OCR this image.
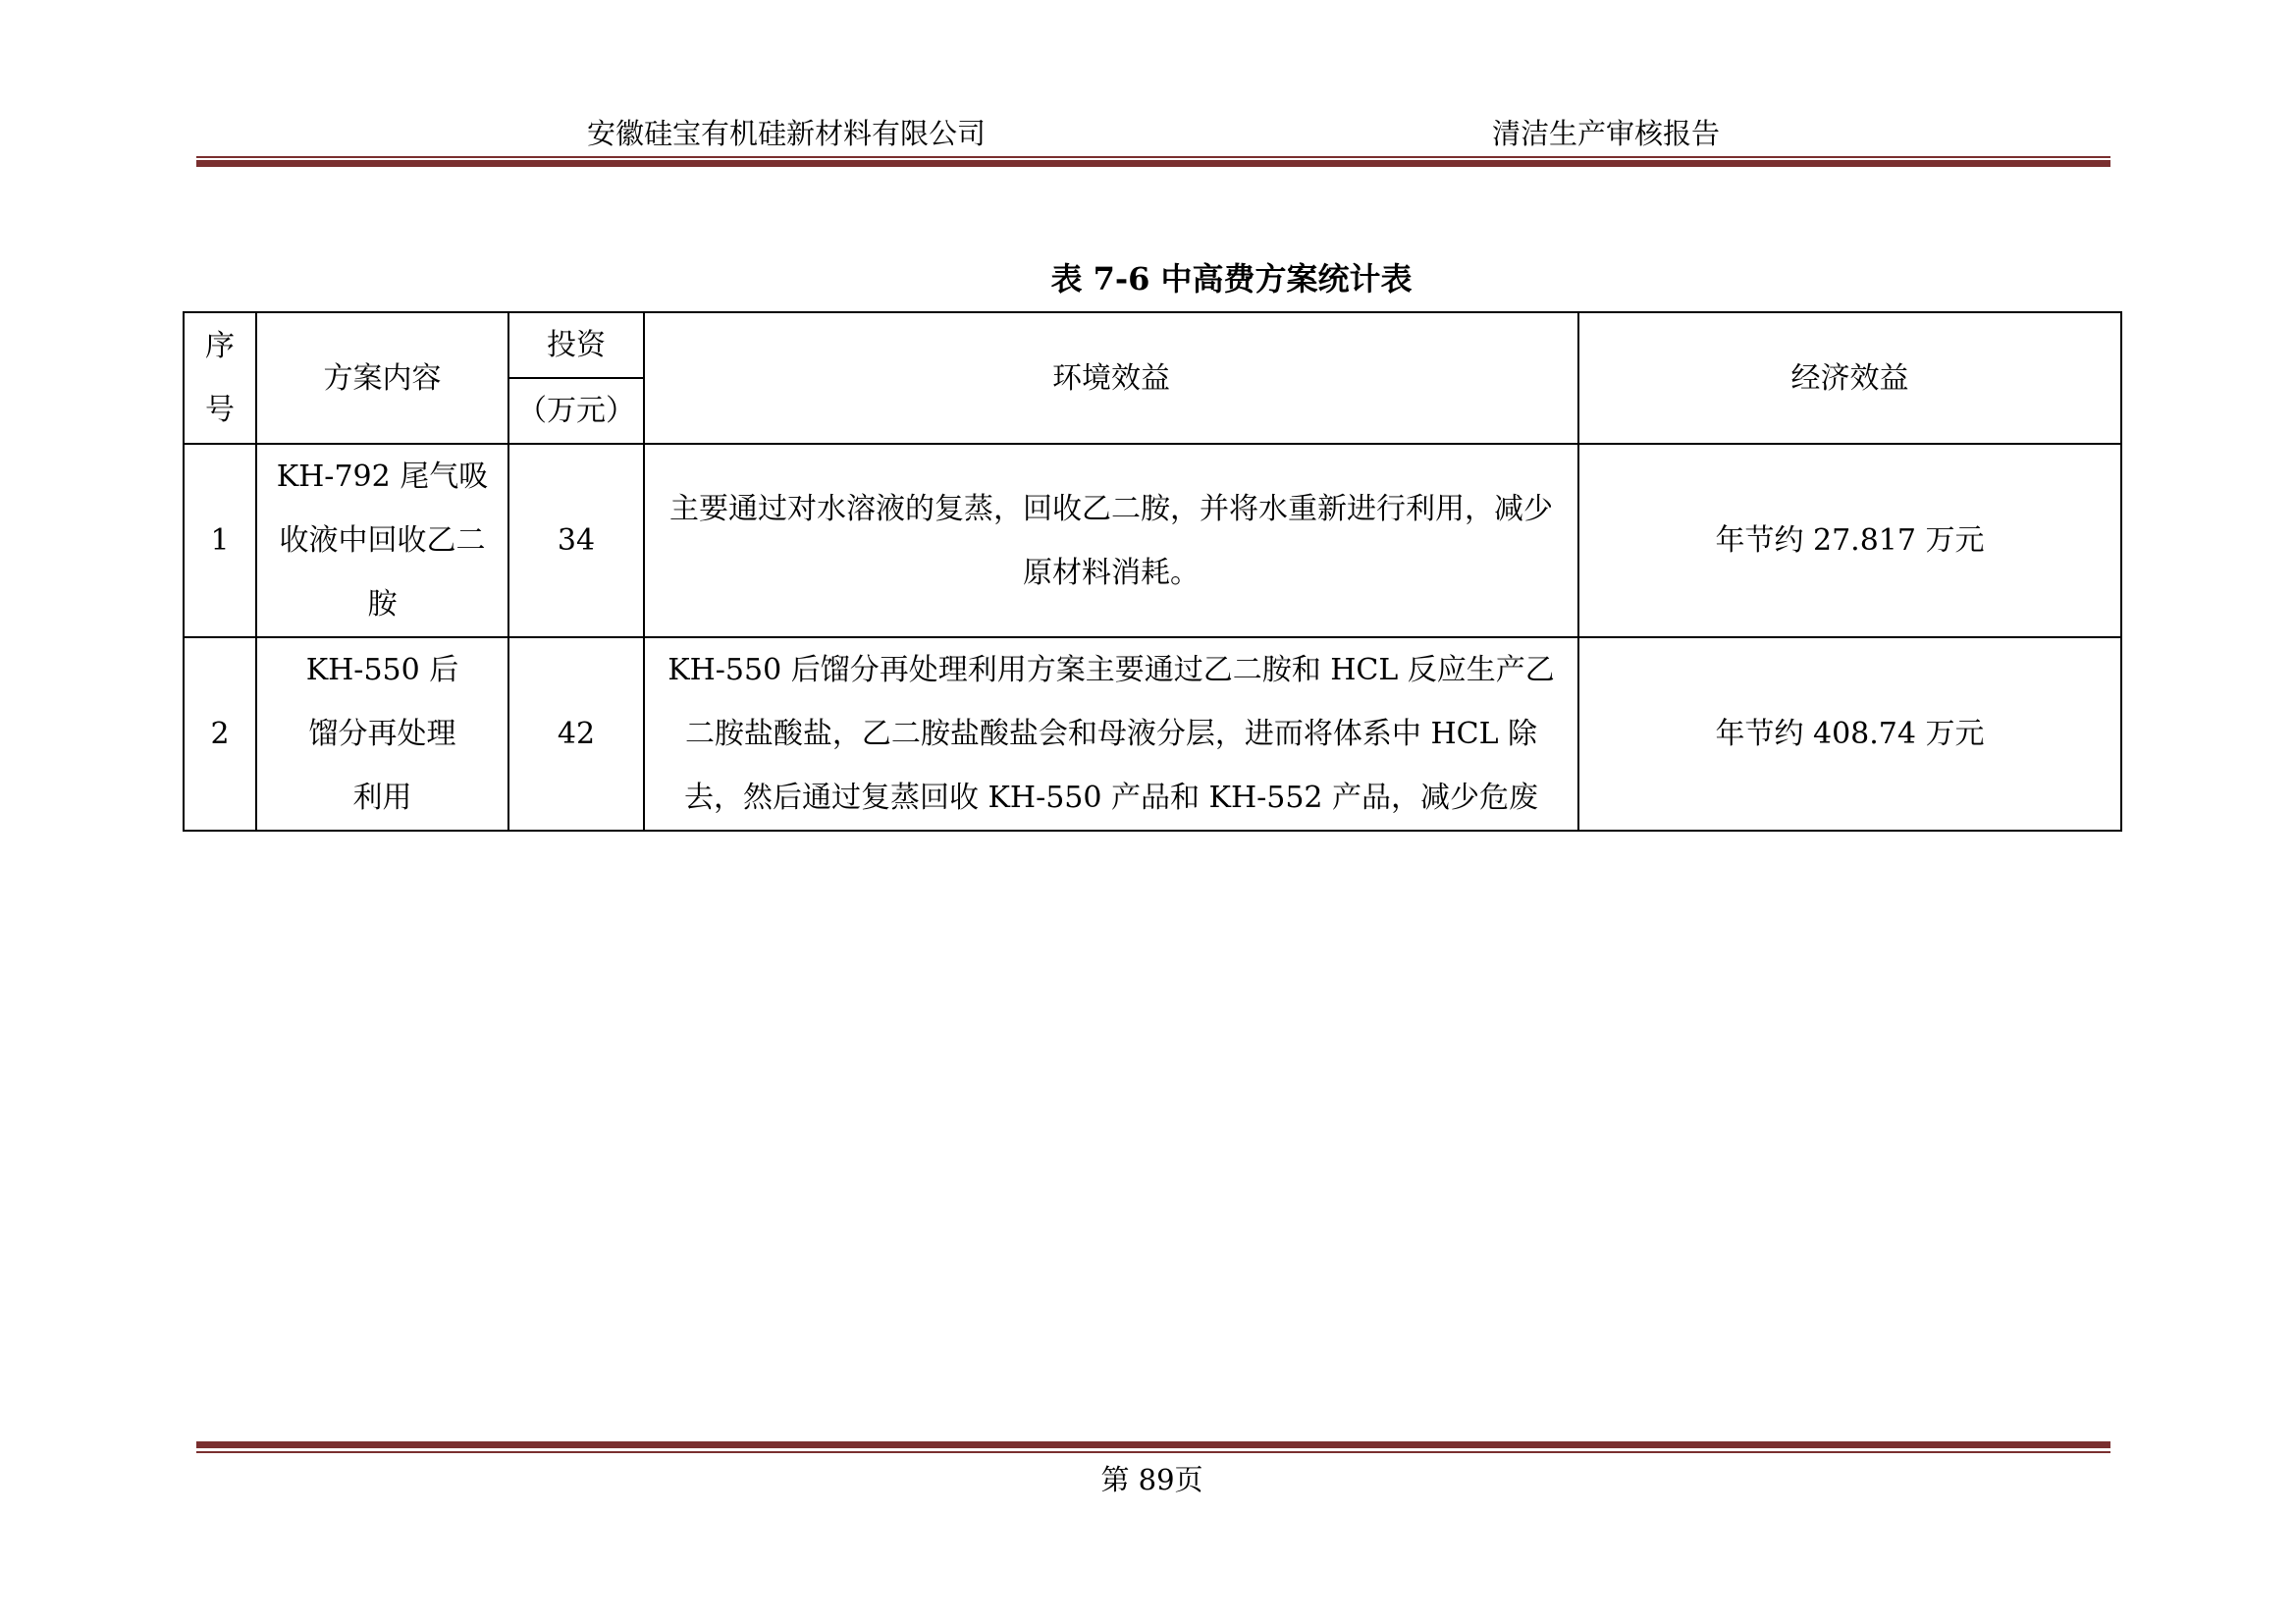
安徽硅宝有机硅新材料有限公司	清洁生产审核报告
表 7-6 中高费方案统计表
序
号	方案内容	投资	环境效益	经济效益
		（万元）		
1	KH-792 尾气吸收液中回收乙二胺	34	主要通过对水溶液的复蒸，回收乙二胺，并将水重新进行利用，减少原材料消耗。	年节约 27.817 万元
2	KH-550 后馏分再处理利用	42	KH-550 后馏分再处理利用方案主要通过乙二胺和 HCL 反应生产乙二胺盐酸盐，乙二胺盐酸盐会和母液分层，进而将体系中 HCL 除去，然后通过复蒸回收 KH-550 产品和 KH-552 产品，减少危废	年节约 408.74 万元
第 89页
